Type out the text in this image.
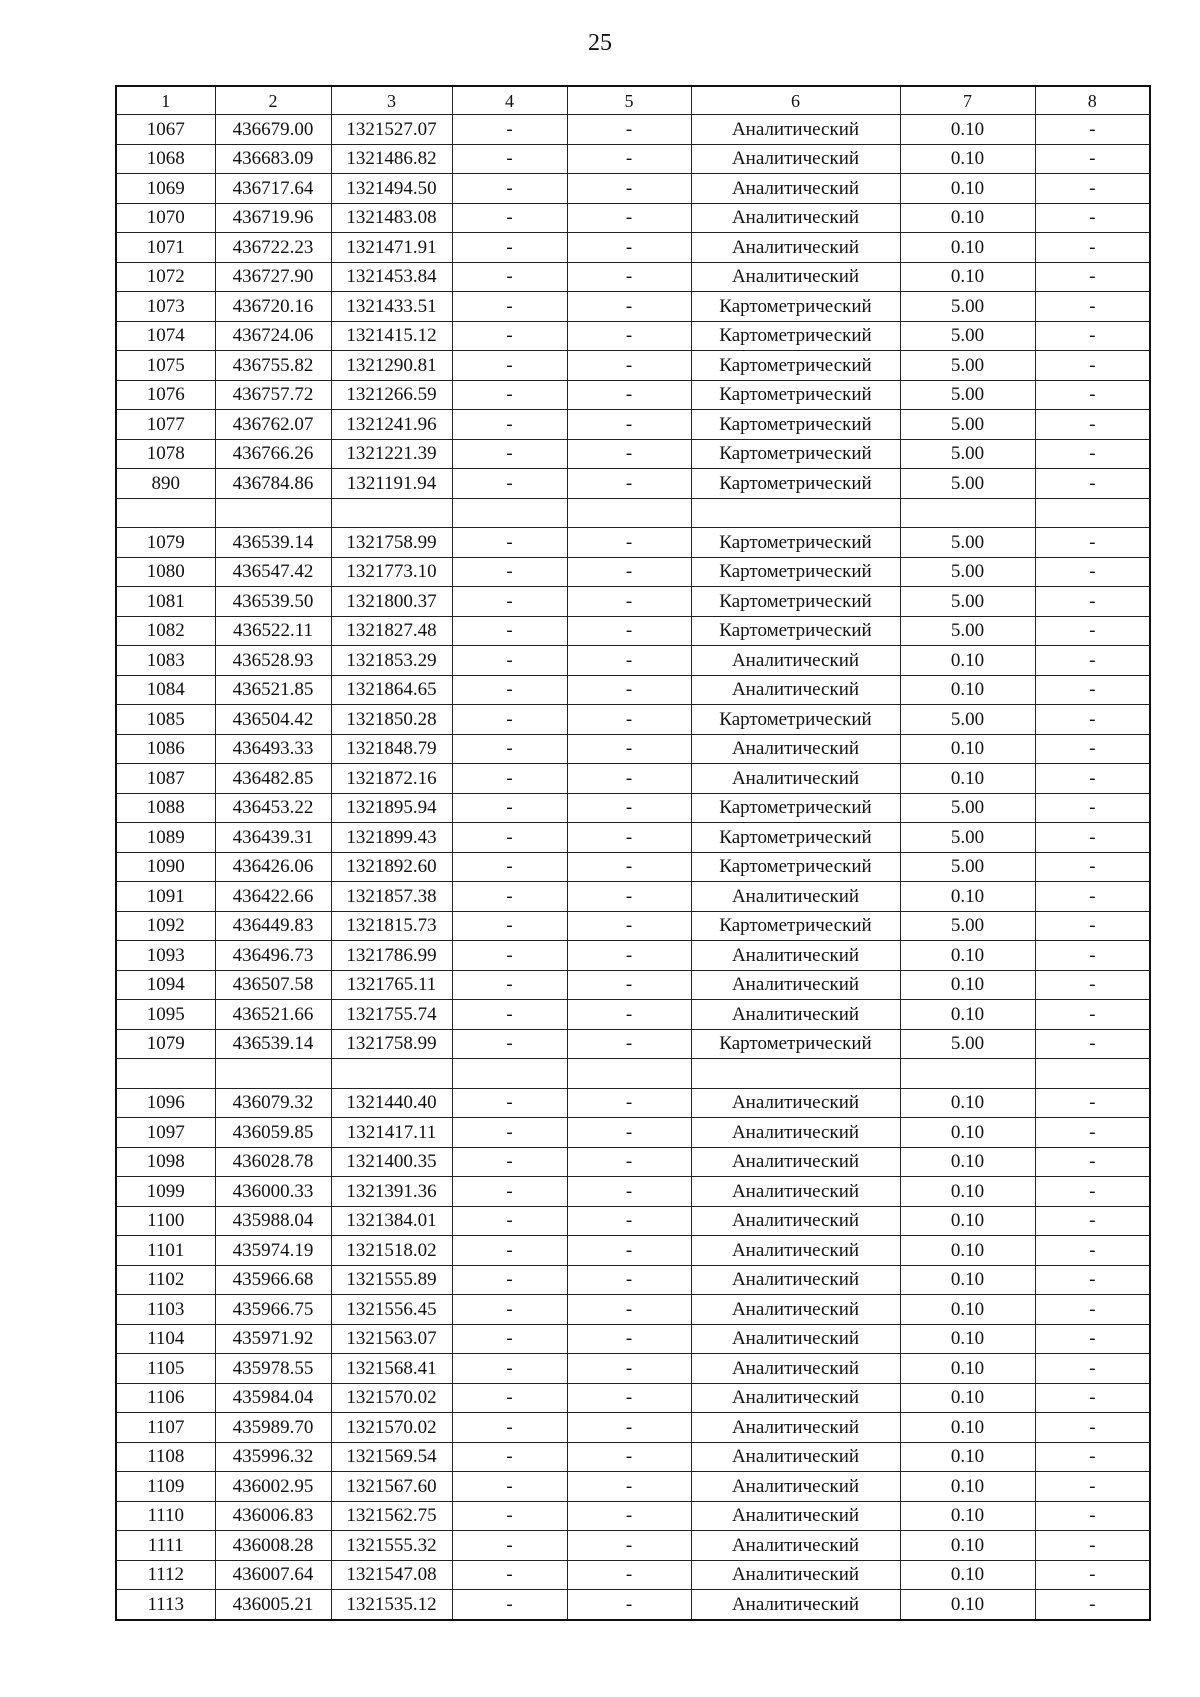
25
1	2	3	4	5	6	7	8
1067	436679.00	1321527.07	-	-	Аналитический	0.10	-
1068	436683.09	1321486.82	-	-	Аналитический	0.10	-
1069	436717.64	1321494.50	-	-	Аналитический	0.10	-
1070	436719.96	1321483.08	-	-	Аналитический	0.10	-
1071	436722.23	1321471.91	-	-	Аналитический	0.10	-
1072	436727.90	1321453.84	-	-	Аналитический	0.10	-
1073	436720.16	1321433.51	-	-	Картометрический	5.00	-
1074	436724.06	1321415.12	-	-	Картометрический	5.00	-
1075	436755.82	1321290.81	-	-	Картометрический	5.00	-
1076	436757.72	1321266.59	-	-	Картометрический	5.00	-
1077	436762.07	1321241.96	-	-	Картометрический	5.00	-
1078	436766.26	1321221.39	-	-	Картометрический	5.00	-
890	436784.86	1321191.94	-	-	Картометрический	5.00	-

1079	436539.14	1321758.99	-	-	Картометрический	5.00	-
1080	436547.42	1321773.10	-	-	Картометрический	5.00	-
1081	436539.50	1321800.37	-	-	Картометрический	5.00	-
1082	436522.11	1321827.48	-	-	Картометрический	5.00	-
1083	436528.93	1321853.29	-	-	Аналитический	0.10	-
1084	436521.85	1321864.65	-	-	Аналитический	0.10	-
1085	436504.42	1321850.28	-	-	Картометрический	5.00	-
1086	436493.33	1321848.79	-	-	Аналитический	0.10	-
1087	436482.85	1321872.16	-	-	Аналитический	0.10	-
1088	436453.22	1321895.94	-	-	Картометрический	5.00	-
1089	436439.31	1321899.43	-	-	Картометрический	5.00	-
1090	436426.06	1321892.60	-	-	Картометрический	5.00	-
1091	436422.66	1321857.38	-	-	Аналитический	0.10	-
1092	436449.83	1321815.73	-	-	Картометрический	5.00	-
1093	436496.73	1321786.99	-	-	Аналитический	0.10	-
1094	436507.58	1321765.11	-	-	Аналитический	0.10	-
1095	436521.66	1321755.74	-	-	Аналитический	0.10	-
1079	436539.14	1321758.99	-	-	Картометрический	5.00	-

1096	436079.32	1321440.40	-	-	Аналитический	0.10	-
1097	436059.85	1321417.11	-	-	Аналитический	0.10	-
1098	436028.78	1321400.35	-	-	Аналитический	0.10	-
1099	436000.33	1321391.36	-	-	Аналитический	0.10	-
1100	435988.04	1321384.01	-	-	Аналитический	0.10	-
1101	435974.19	1321518.02	-	-	Аналитический	0.10	-
1102	435966.68	1321555.89	-	-	Аналитический	0.10	-
1103	435966.75	1321556.45	-	-	Аналитический	0.10	-
1104	435971.92	1321563.07	-	-	Аналитический	0.10	-
1105	435978.55	1321568.41	-	-	Аналитический	0.10	-
1106	435984.04	1321570.02	-	-	Аналитический	0.10	-
1107	435989.70	1321570.02	-	-	Аналитический	0.10	-
1108	435996.32	1321569.54	-	-	Аналитический	0.10	-
1109	436002.95	1321567.60	-	-	Аналитический	0.10	-
1110	436006.83	1321562.75	-	-	Аналитический	0.10	-
1111	436008.28	1321555.32	-	-	Аналитический	0.10	-
1112	436007.64	1321547.08	-	-	Аналитический	0.10	-
1113	436005.21	1321535.12	-	-	Аналитический	0.10	-
